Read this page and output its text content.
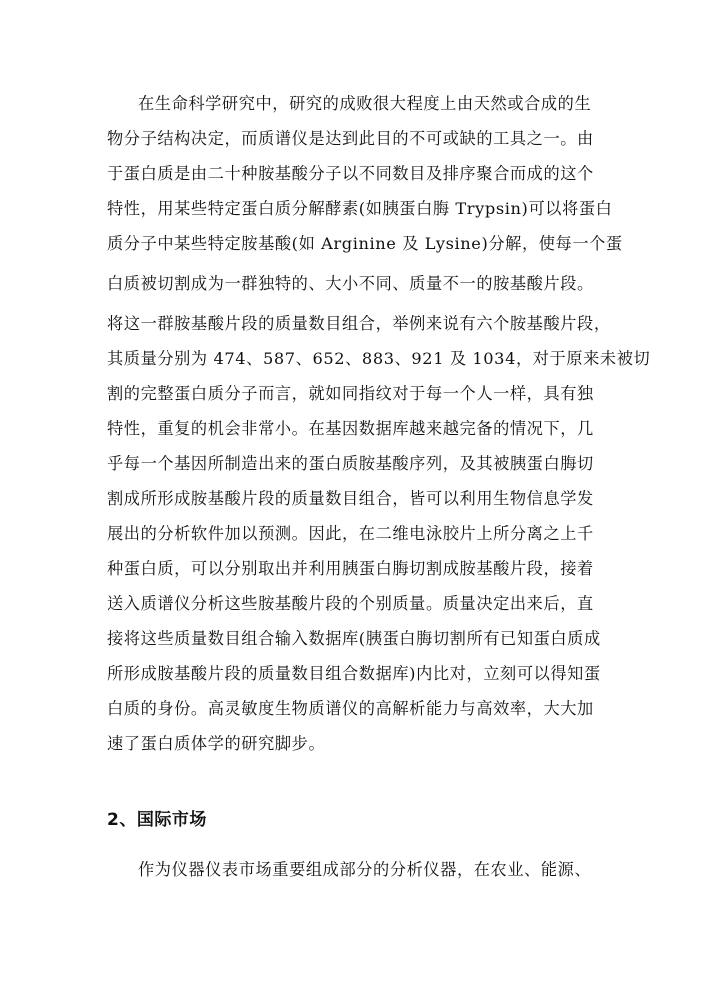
在生命科学研究中，研究的成败很大程度上由天然或合成的生
物分子结构决定，而质谱仪是达到此目的不可或缺的工具之一。由
于蛋白质是由二十种胺基酸分子以不同数目及排序聚合而成的这个
特性，用某些特定蛋白质分解酵素(如胰蛋白脢 Trypsin)可以将蛋白
质分子中某些特定胺基酸(如 Arginine 及 Lysine)分解，使每一个蛋
白质被切割成为一群独特的、大小不同、质量不一的胺基酸片段。
将这一群胺基酸片段的质量数目组合，举例来说有六个胺基酸片段，
其质量分别为 474、587、652、883、921 及 1034，对于原来未被切
割的完整蛋白质分子而言，就如同指纹对于每一个人一样，具有独
特性，重复的机会非常小。在基因数据库越来越完备的情况下，几
乎每一个基因所制造出来的蛋白质胺基酸序列，及其被胰蛋白脢切
割成所形成胺基酸片段的质量数目组合，皆可以利用生物信息学发
展出的分析软件加以预测。因此，在二维电泳胶片上所分离之上千
种蛋白质，可以分别取出并利用胰蛋白脢切割成胺基酸片段，接着
送入质谱仪分析这些胺基酸片段的个别质量。质量决定出来后，直
接将这些质量数目组合输入数据库(胰蛋白脢切割所有已知蛋白质成
所形成胺基酸片段的质量数目组合数据库)内比对，立刻可以得知蛋
白质的身份。高灵敏度生物质谱仪的高解析能力与高效率，大大加
速了蛋白质体学的研究脚步。
2、国际市场
作为仪器仪表市场重要组成部分的分析仪器，在农业、能源、
